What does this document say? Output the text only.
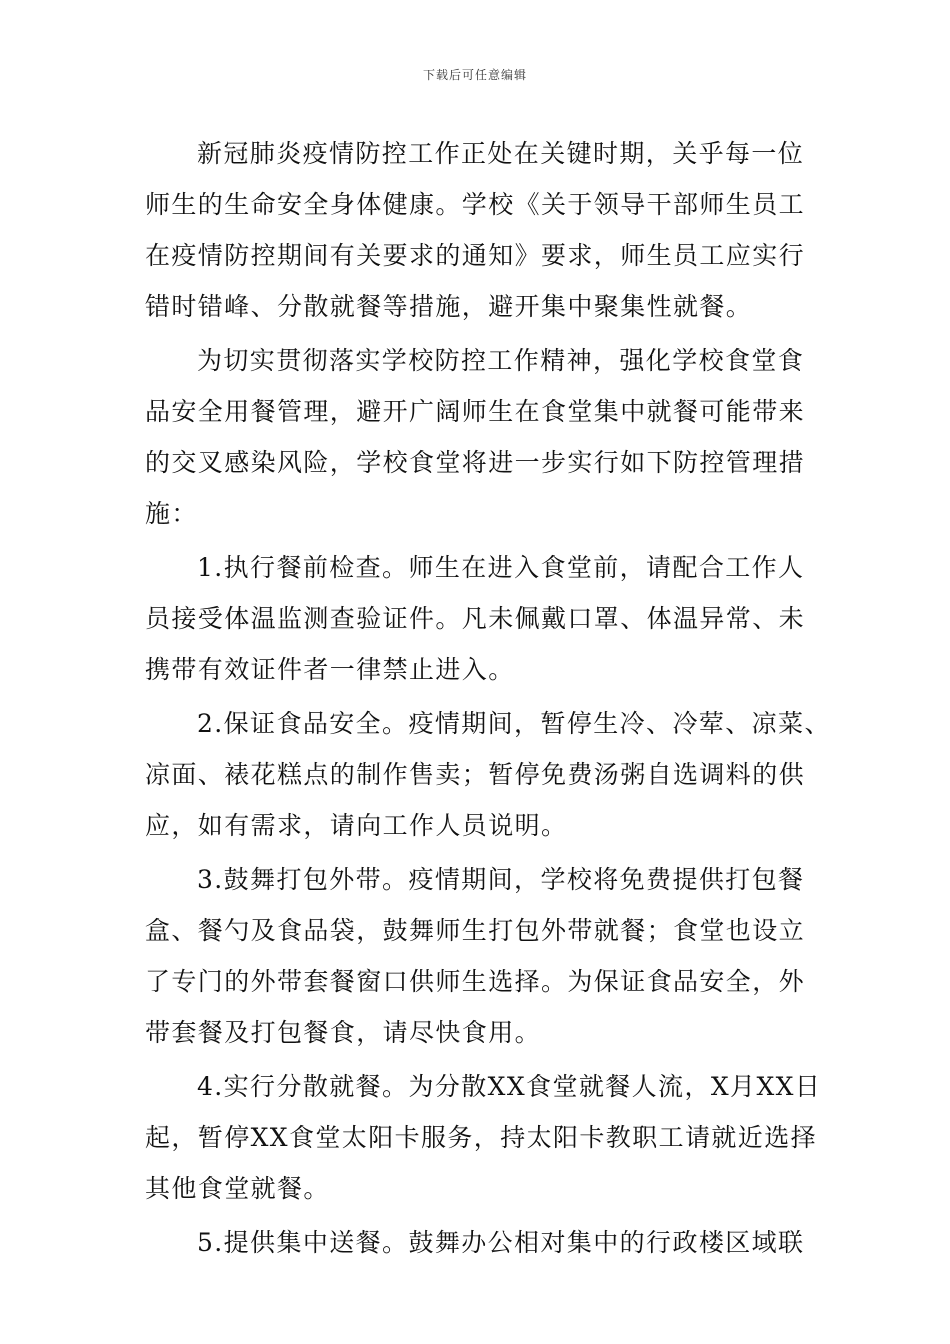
下载后可任意编辑

新冠肺炎疫情防控工作正处在关键时期，关乎每一位
师生的生命安全身体健康。学校《关于领导干部师生员工
在疫情防控期间有关要求的通知》要求，师生员工应实行
错时错峰、分散就餐等措施，避开集中聚集性就餐。

为切实贯彻落实学校防控工作精神，强化学校食堂食
品安全用餐管理，避开广阔师生在食堂集中就餐可能带来
的交叉感染风险，学校食堂将进一步实行如下防控管理措
施：

1.执行餐前检查。师生在进入食堂前，请配合工作人
员接受体温监测查验证件。凡未佩戴口罩、体温异常、未
携带有效证件者一律禁止进入。

2.保证食品安全。疫情期间，暂停生冷、冷荤、凉菜、
凉面、裱花糕点的制作售卖；暂停免费汤粥自选调料的供
应，如有需求，请向工作人员说明。

3.鼓舞打包外带。疫情期间，学校将免费提供打包餐
盒、餐勺及食品袋，鼓舞师生打包外带就餐；食堂也设立
了专门的外带套餐窗口供师生选择。为保证食品安全，外
带套餐及打包餐食，请尽快食用。

4.实行分散就餐。为分散XX食堂就餐人流，X月XX日
起，暂停XX食堂太阳卡服务，持太阳卡教职工请就近选择
其他食堂就餐。

5.提供集中送餐。鼓舞办公相对集中的行政楼区域联
